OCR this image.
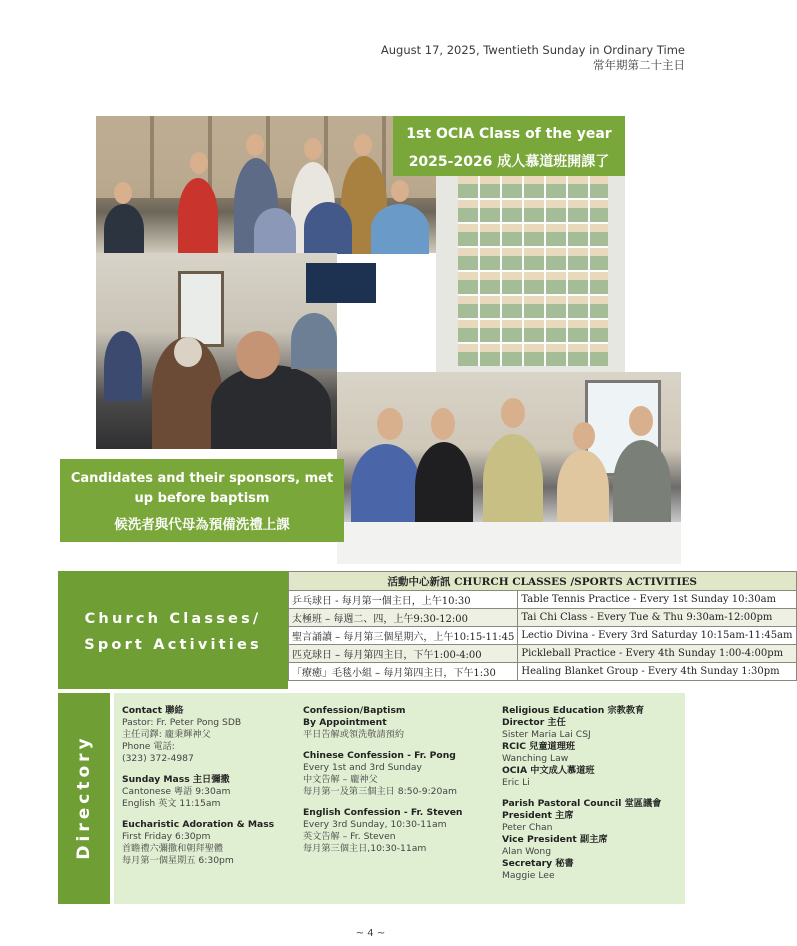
August 17, 2025, Twentieth Sunday in Ordinary Time
常年期第二十主日
1st OCIA Class of the year
2025-2026 成人慕道班開課了
Candidates and their sponsors, met
up before baptism
候洗者與代母為預備洗禮上課
Church Classes/
Sport Activities
活動中心新訊 CHURCH CLASSES /SPORTS ACTIVITIES	
乒乓球日 - 每月第一個主日，上午10:30	Table Tennis Practice - Every 1st Sunday 10:30am
太極班 – 每週二、四，上午9:30-12:00	Tai Chi Class - Every Tue & Thu 9:30am-12:00pm
聖言誦讀 – 每月第三個星期六，上午10:15-11:45	Lectio Divina - Every 3rd Saturday 10:15am-11:45am
匹克球日 – 每月第四主日，下午1:00-4:00	Pickleball Practice - Every 4th Sunday 1:00-4:00pm
「療癒」毛毯小組 – 每月第四主日，下午1:30	Healing Blanket Group - Every 4th Sunday 1:30pm
Directory
Contact 聯絡
Pastor: Fr. Peter Pong SDB
主任司鐸: 龐秉輝神父
Phone 電話:
(323) 372-4987
Sunday Mass 主日彌撒
Cantonese 粵語 9:30am
English 英文 11:15am
Eucharistic Adoration & Mass
First Friday 6:30pm
首瞻禮六彌撒和朝拜聖體
每月第一個星期五 6:30pm
Confession/Baptism
By Appointment
平日告解或領洗敬請預約
Chinese Confession - Fr. Pong
Every 1st and 3rd Sunday
中文告解 – 龐神父
每月第一及第三個主日 8:50-9:20am
English Confession - Fr. Steven
Every 3rd Sunday, 10:30-11am
英文告解 – Fr. Steven
每月第三個主日,10:30-11am
Religious Education 宗教教育
Director 主任
Sister Maria Lai CSJ
RCIC 兒童道理班
Wanching Law
OCIA 中文成人慕道班
Eric Li
Parish Pastoral Council 堂區議會
President 主席
Peter Chan
Vice President 副主席
Alan Wong
Secretary 秘書
Maggie Lee
~ 4 ~
